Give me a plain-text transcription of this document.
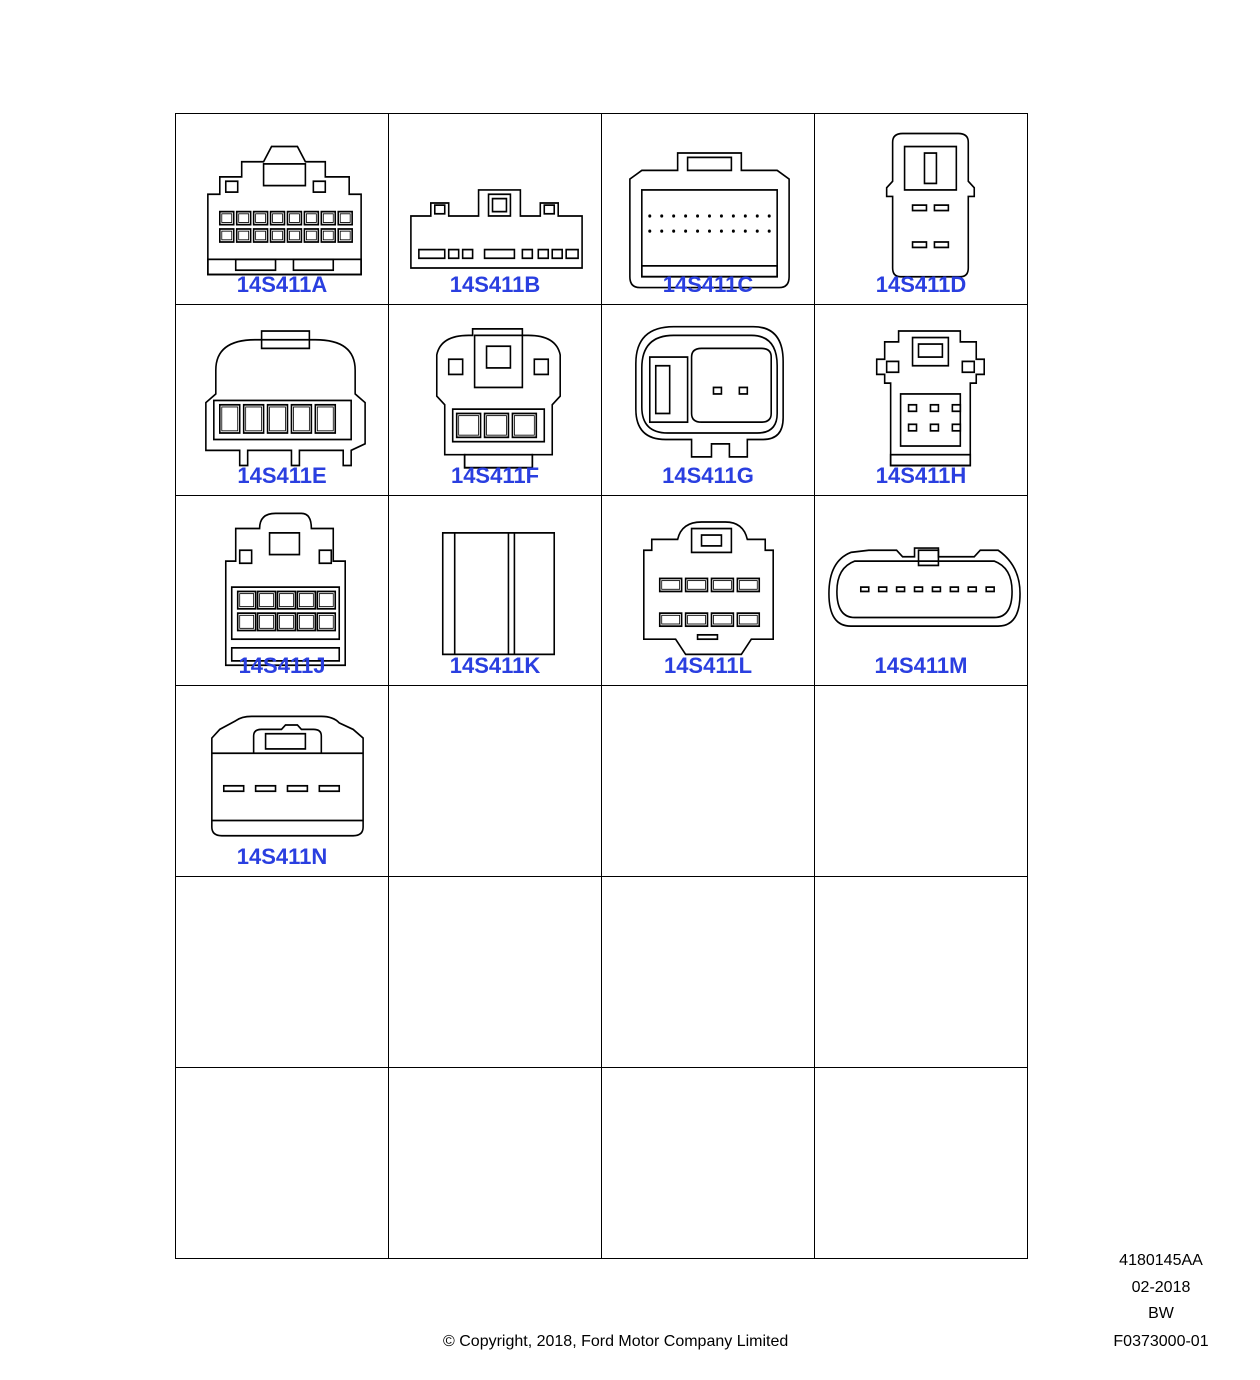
14S411A	14S411B	14S411C	14S411D
14S411E	14S411F	14S411G	14S411H
14S411J	14S411K	14S411L	14S411M
14S411N
4180145AA
02-2018
BW
F0373000-01
© Copyright, 2018, Ford Motor Company Limited
